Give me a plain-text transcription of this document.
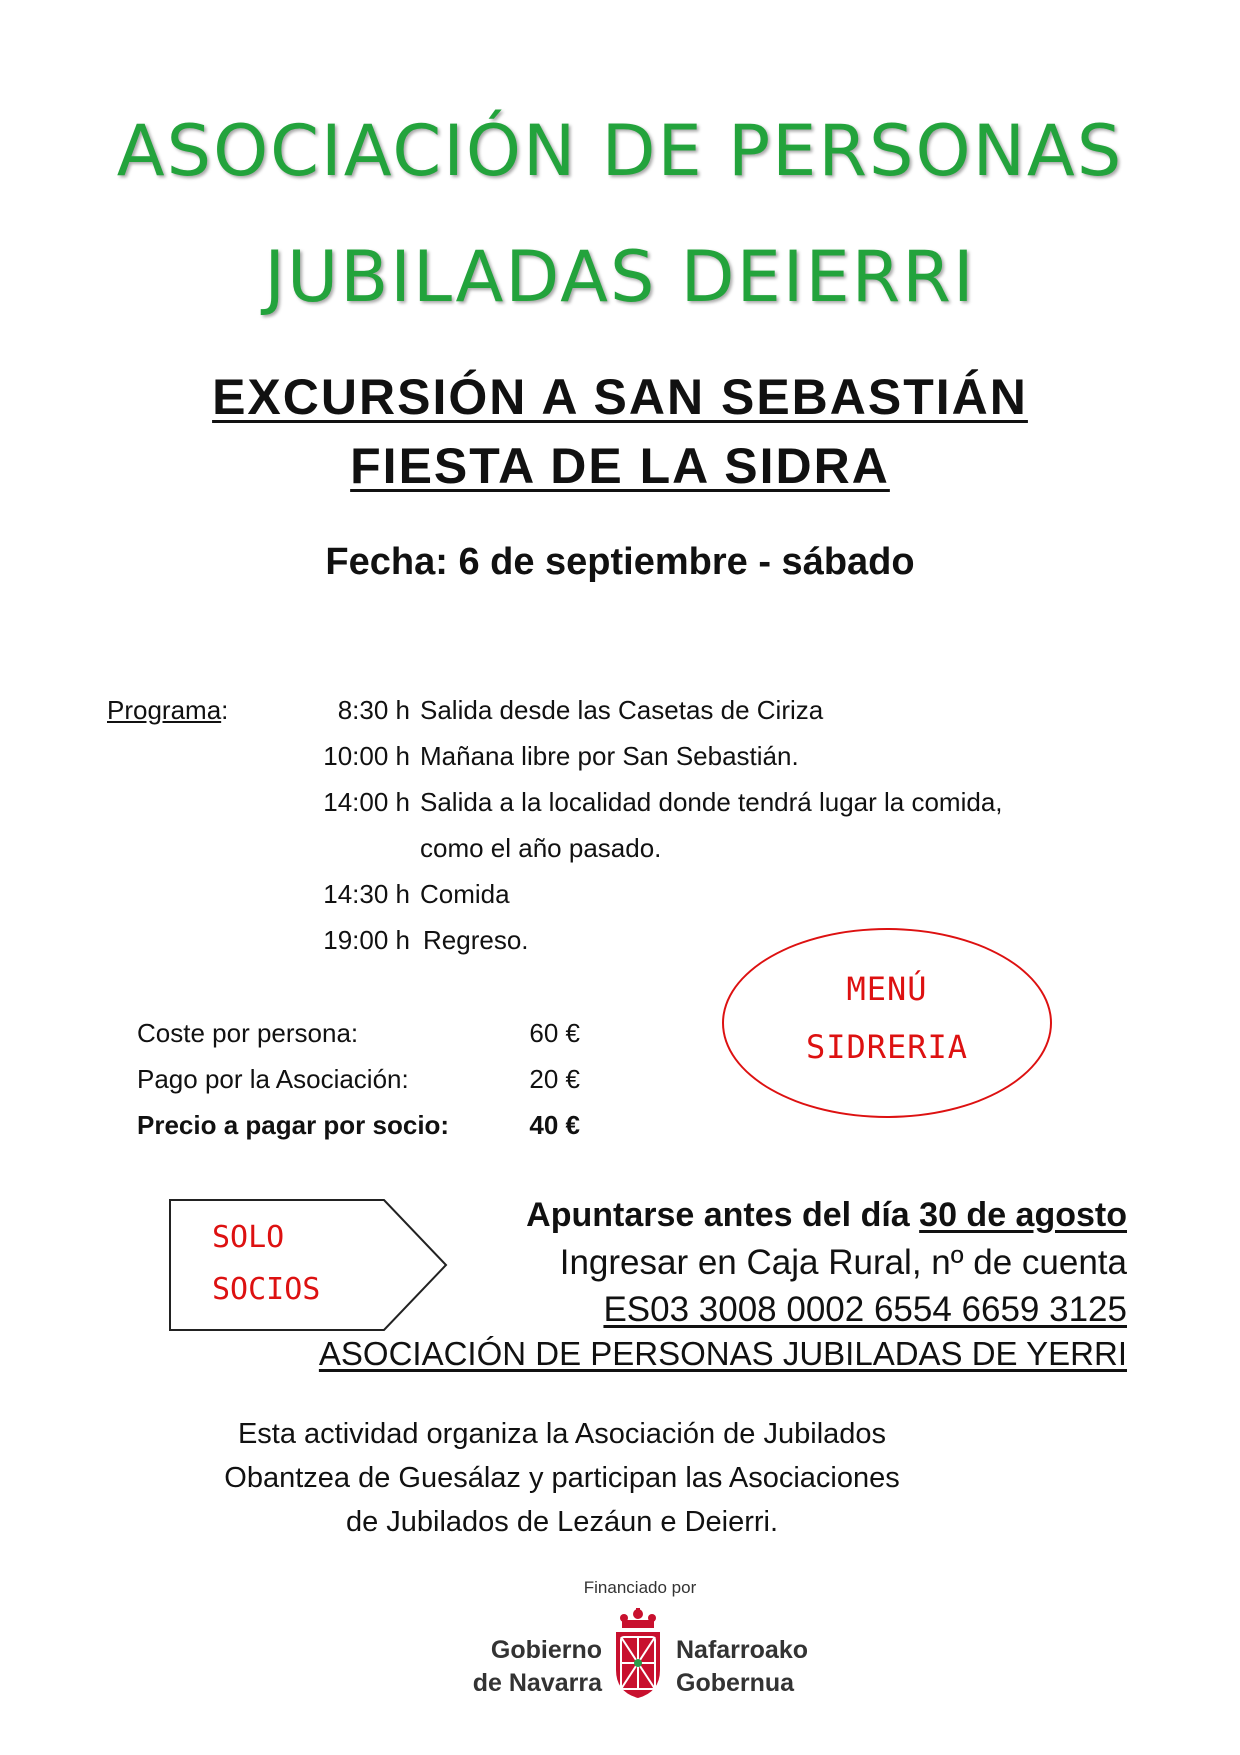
ASOCIACIÓN DE PERSONAS
JUBILADAS DEIERRI
EXCURSIÓN A SAN SEBASTIÁN
FIESTA DE LA SIDRA
Fecha: 6 de septiembre - sábado
Programa:	8:30 h Salida desde las Casetas de Ciriza
10:00 h Mañana libre por San Sebastián.
14:00 h Salida a la localidad donde tendrá lugar la comida,
como el año pasado.
14:30 h Comida
19:00 h Regreso.
Coste por persona:	60 €
Pago por la Asociación:	20 €
Precio a pagar por socio:	40 €
MENÚ
SIDRERIA
SOLO
SOCIOS
Apuntarse antes del día 30 de agosto
Ingresar en Caja Rural, nº de cuenta
ES03 3008 0002 6554 6659 3125
ASOCIACIÓN DE PERSONAS JUBILADAS DE YERRI
Esta actividad organiza la Asociación de Jubilados
Obantzea de Guesálaz y participan las Asociaciones
de Jubilados de Lezáun e Deierri.
Financiado por
Gobierno
de Navarra
Nafarroako
Gobernua
